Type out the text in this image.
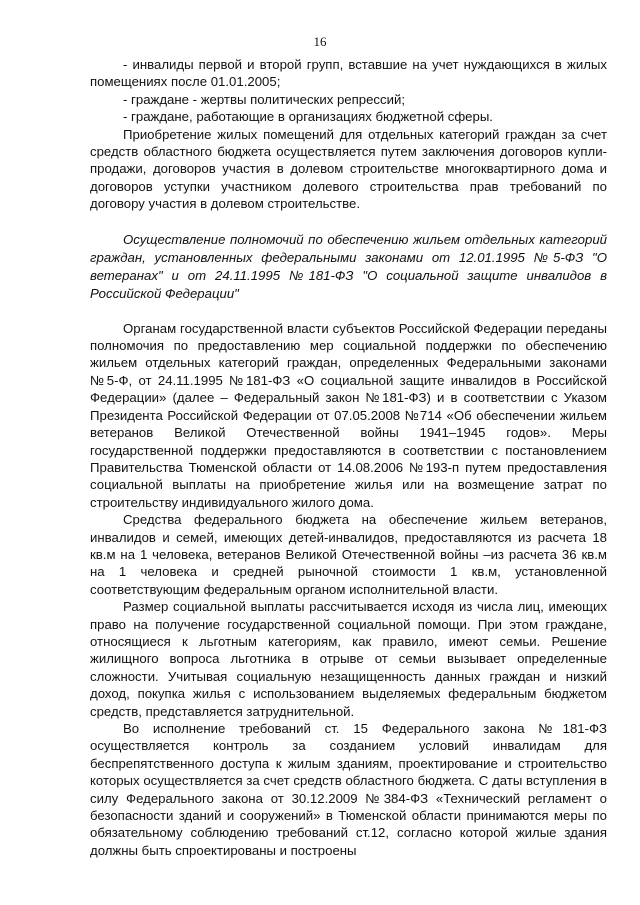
16

- инвалиды первой и второй групп, вставшие на учет нуждающихся в жилых помещениях после 01.01.2005;

- граждане - жертвы политических репрессий;

- граждане, работающие в организациях бюджетной сферы.

Приобретение жилых помещений для отдельных категорий граждан за счет средств областного бюджета осуществляется путем заключения договоров купли-продажи, договоров участия в долевом строительстве многоквартирного дома и договоров уступки участником долевого строительства прав требований по договору участия в долевом строительстве.

Осуществление полномочий по обеспечению жильем отдельных категорий граждан, установленных федеральными законами от 12.01.1995 №5-ФЗ "О ветеранах" и от 24.11.1995 №181-ФЗ "О социальной защите инвалидов в Российской Федерации"

Органам государственной власти субъектов Российской Федерации переданы полномочия по предоставлению мер социальной поддержки по обеспечению жильем отдельных категорий граждан, определенных Федеральными законами №5-Ф, от 24.11.1995 №181-ФЗ «О социальной защите инвалидов в Российской Федерации» (далее – Федеральный закон №181-ФЗ) и в соответствии с Указом Президента Российской Федерации от 07.05.2008 №714 «Об обеспечении жильем ветеранов Великой Отечественной войны 1941–1945 годов». Меры государственной поддержки предоставляются в соответствии с постановлением Правительства Тюменской области от 14.08.2006 №193-п путем предоставления социальной выплаты на приобретение жилья или на возмещение затрат по строительству индивидуального жилого дома.

Средства федерального бюджета на обеспечение жильем ветеранов, инвалидов и семей, имеющих детей-инвалидов, предоставляются из расчета 18 кв.м на 1 человека, ветеранов Великой Отечественной войны –из расчета 36 кв.м на 1 человека и средней рыночной стоимости 1 кв.м, установленной соответствующим федеральным органом исполнительной власти.

Размер социальной выплаты рассчитывается исходя из числа лиц, имеющих право на получение государственной социальной помощи. При этом граждане, относящиеся к льготным категориям, как правило, имеют семьи. Решение жилищного вопроса льготника в отрыве от семьи вызывает определенные сложности. Учитывая социальную незащищенность данных граждан и низкий доход, покупка жилья с использованием выделяемых федеральным бюджетом средств, представляется затруднительной.

Во исполнение требований ст. 15 Федерального закона №181-ФЗ осуществляется контроль за созданием условий инвалидам для беспрепятственного доступа к жилым зданиям, проектирование и строительство которых осуществляется за счет средств областного бюджета. С даты вступления в силу Федерального закона от 30.12.2009 №384-ФЗ «Технический регламент о безопасности зданий и сооружений» в Тюменской области принимаются меры по обязательному соблюдению требований ст.12, согласно которой жилые здания должны быть спроектированы и построены
